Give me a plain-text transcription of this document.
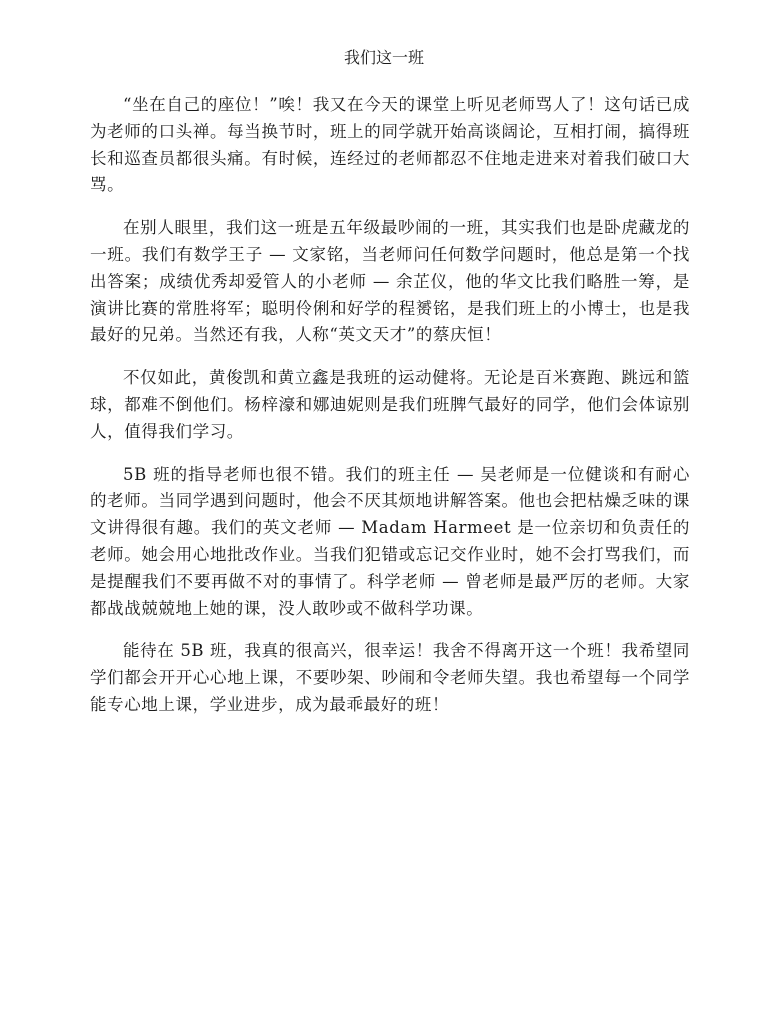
我们这一班

“坐在自己的座位！”唉！我又在今天的课堂上听见老师骂人了！这句话已成为老师的口头禅。每当换节时，班上的同学就开始高谈阔论，互相打闹，搞得班长和巡查员都很头痛。有时候，连经过的老师都忍不住地走进来对着我们破口大骂。

在别人眼里，我们这一班是五年级最吵闹的一班，其实我们也是卧虎藏龙的一班。我们有数学王子 — 文家铭，当老师问任何数学问题时，他总是第一个找出答案；成绩优秀却爱管人的小老师 — 余芷仪，他的华文比我们略胜一筹，是演讲比赛的常胜将军；聪明伶俐和好学的程赟铭，是我们班上的小博士，也是我最好的兄弟。当然还有我，人称“英文天才”的蔡庆恒！

不仅如此，黄俊凯和黄立鑫是我班的运动健将。无论是百米赛跑、跳远和篮球，都难不倒他们。杨梓濠和娜迪妮则是我们班脾气最好的同学，他们会体谅别人，值得我们学习。

5B 班的指导老师也很不错。我们的班主任 — 吴老师是一位健谈和有耐心的老师。当同学遇到问题时，他会不厌其烦地讲解答案。他也会把枯燥乏味的课文讲得很有趣。我们的英文老师 — Madam Harmeet 是一位亲切和负责任的老师。她会用心地批改作业。当我们犯错或忘记交作业时，她不会打骂我们，而是提醒我们不要再做不对的事情了。科学老师 — 曾老师是最严厉的老师。大家都战战兢兢地上她的课，没人敢吵或不做科学功课。

能待在 5B 班，我真的很高兴，很幸运！我舍不得离开这一个班！我希望同学们都会开开心心地上课，不要吵架、吵闹和令老师失望。我也希望每一个同学能专心地上课，学业进步，成为最乖最好的班！
